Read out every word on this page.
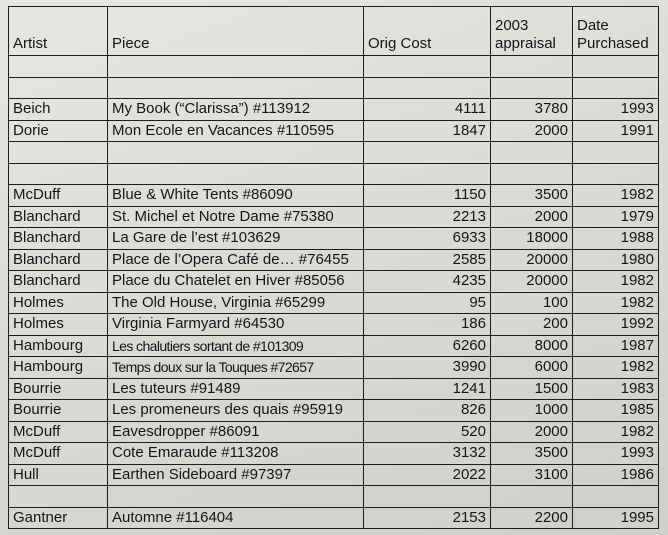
Artist	Piece	Orig Cost	2003 appraisal	Date Purchased

Beich	My Book (“Clarissa”) #113912	4111	3780	1993
Dorie	Mon Ecole en Vacances #110595	1847	2000	1991

McDuff	Blue & White Tents #86090	1150	3500	1982
Blanchard	St. Michel et Notre Dame #75380	2213	2000	1979
Blanchard	La Gare de l’est #103629	6933	18000	1988
Blanchard	Place de l’Opera Café de… #76455	2585	20000	1980
Blanchard	Place du Chatelet en Hiver #85056	4235	20000	1982
Holmes	The Old House, Virginia #65299	95	100	1982
Holmes	Virginia Farmyard #64530	186	200	1992
Hambourg	Les chalutiers sortant de #101309	6260	8000	1987
Hambourg	Temps doux sur la Touques #72657	3990	6000	1982
Bourrie	Les tuteurs #91489	1241	1500	1983
Bourrie	Les promeneurs des quais #95919	826	1000	1985
McDuff	Eavesdropper #86091	520	2000	1982
McDuff	Cote Emaraude #113208	3132	3500	1993
Hull	Earthen Sideboard #97397	2022	3100	1986

Gantner	Automne #116404	2153	2200	1995
